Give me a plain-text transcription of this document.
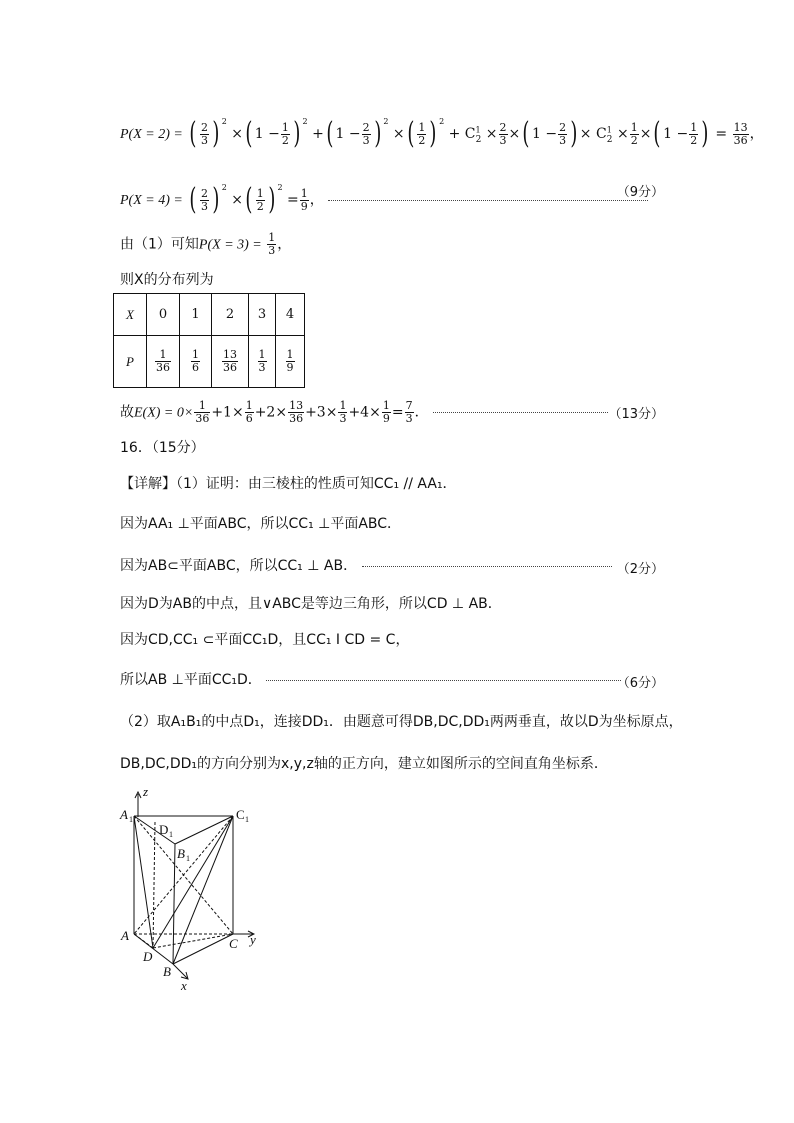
P(X = 2) = ( $\frac{2}{3}$ ) $^2$ ×( $1 - \frac{1}{2}$ ) $^2$ +( $1 - \frac{2}{3}$ ) $^2$ ×( $\frac{1}{2}$ ) $^2 + C^1_2 \times \frac{2}{3}$ ×( $1 - \frac{2}{3}$ ) × $C^1_2 \times \frac{1}{2}$ ×( $1 - \frac{1}{2}$ ) = $\frac{13}{36}$ ，
P(X = 4) = ( $\frac{2}{3}$ ) $^2$ ×( $\frac{1}{2}$ ) $^2 = \frac{1}{9}$ ，	（9分）
由（1）可知$P(X = 3) = \frac{1}{3}$ ，
则X的分布列为
X	0	1	2	3	4
P	$\frac{1}{36}$	$\frac{1}{6}$	$\frac{13}{36}$	$\frac{1}{3}$	$\frac{1}{9}$
故$E(X) = 0\times \frac{1}{36} +1\times \frac{1}{6} +2\times \frac{13}{36} +3\times \frac{1}{3} +4\times \frac{1}{9} = \frac{7}{3}$ ．	（13分）
16．（15分）
【详解】（1）证明：由三棱柱的性质可知CC₁ // AA₁．
因为AA₁ ⊥平面ABC，所以CC₁ ⊥平面ABC．
因为AB⊂平面ABC，所以CC₁ ⊥ AB．	（2分）
因为D为AB的中点，且∨ABC是等边三角形，所以CD ⊥ AB．
因为CD,CC₁ ⊂平面CC₁D，且CC₁ I CD = C，
所以AB ⊥平面CC₁D．	（6分）
（2）取A₁B₁的中点D₁，连接DD₁．由题意可得DB,DC,DD₁两两垂直，故以D为坐标原点，
DB,DC,DD₁的方向分别为x,y,z轴的正方向，建立如图所示的空间直角坐标系．
z
A 1
D 1
C 1
B 1
A
C y
D
B
x
